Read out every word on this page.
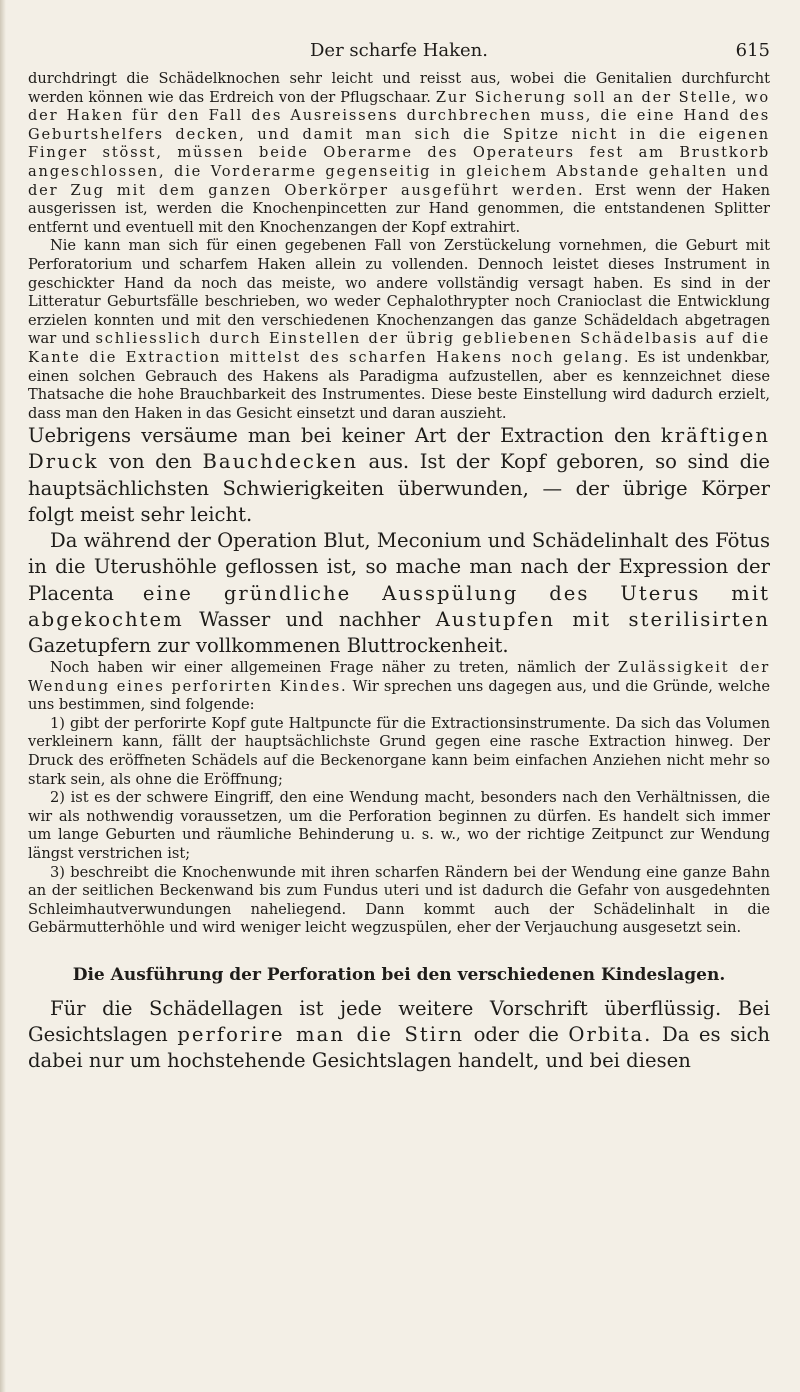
Der scharfe Haken.	615

durchdringt die Schädelknochen sehr leicht und reisst aus, wobei die Genitalien durchfurcht werden können wie das Erdreich von der Pflugschaar. Zur Sicherung soll an der Stelle, wo der Haken für den Fall des Ausreissens durchbrechen muss, die eine Hand des Geburtshelfers decken, und damit man sich die Spitze nicht in die eigenen Finger stösst, müssen beide Oberarme des Operateurs fest am Brustkorb angeschlossen, die Vorderarme gegenseitig in gleichem Abstande gehalten und der Zug mit dem ganzen Oberkörper ausgeführt werden. Erst wenn der Haken ausgerissen ist, werden die Knochenpincetten zur Hand genommen, die entstandenen Splitter entfernt und eventuell mit den Knochenzangen der Kopf extrahirt.

Nie kann man sich für einen gegebenen Fall von Zerstückelung vornehmen, die Geburt mit Perforatorium und scharfem Haken allein zu vollenden. Dennoch leistet dieses Instrument in geschickter Hand da noch das meiste, wo andere vollständig versagt haben. Es sind in der Litteratur Geburtsfälle beschrieben, wo weder Cephalothrypter noch Cranioclast die Entwicklung erzielen konnten und mit den verschiedenen Knochenzangen das ganze Schädeldach abgetragen war und schliesslich durch Einstellen der übrig gebliebenen Schädelbasis auf die Kante die Extraction mittelst des scharfen Hakens noch gelang. Es ist undenkbar, einen solchen Gebrauch des Hakens als Paradigma aufzustellen, aber es kennzeichnet diese Thatsache die hohe Brauchbarkeit des Instrumentes. Diese beste Einstellung wird dadurch erzielt, dass man den Haken in das Gesicht einsetzt und daran auszieht.

Uebrigens versäume man bei keiner Art der Extraction den kräftigen Druck von den Bauchdecken aus. Ist der Kopf geboren, so sind die hauptsächlichsten Schwierigkeiten überwunden, — der übrige Körper folgt meist sehr leicht.

Da während der Operation Blut, Meconium und Schädelinhalt des Fötus in die Uterushöhle geflossen ist, so mache man nach der Expression der Placenta eine gründliche Ausspülung des Uterus mit abgekochtem Wasser und nachher Austupfen mit sterilisirten Gazetupfern zur vollkommenen Bluttrockenheit.

Noch haben wir einer allgemeinen Frage näher zu treten, nämlich der Zulässigkeit der Wendung eines perforirten Kindes. Wir sprechen uns dagegen aus, und die Gründe, welche uns bestimmen, sind folgende:

1) gibt der perforirte Kopf gute Haltpuncte für die Extractionsinstrumente. Da sich das Volumen verkleinern kann, fällt der hauptsächlichste Grund gegen eine rasche Extraction hinweg. Der Druck des eröffneten Schädels auf die Beckenorgane kann beim einfachen Anziehen nicht mehr so stark sein, als ohne die Eröffnung;

2) ist es der schwere Eingriff, den eine Wendung macht, besonders nach den Verhältnissen, die wir als nothwendig voraussetzen, um die Perforation beginnen zu dürfen. Es handelt sich immer um lange Geburten und räumliche Behinderung u. s. w., wo der richtige Zeitpunct zur Wendung längst verstrichen ist;

3) beschreibt die Knochenwunde mit ihren scharfen Rändern bei der Wendung eine ganze Bahn an der seitlichen Beckenwand bis zum Fundus uteri und ist dadurch die Gefahr von ausgedehnten Schleimhautverwundungen naheliegend. Dann kommt auch der Schädelinhalt in die Gebärmutterhöhle und wird weniger leicht wegzuspülen, eher der Verjauchung ausgesetzt sein.

Die Ausführung der Perforation bei den verschiedenen Kindeslagen.

Für die Schädellagen ist jede weitere Vorschrift überflüssig. Bei Gesichtslagen perforire man die Stirn oder die Orbita. Da es sich dabei nur um hochstehende Gesichtslagen handelt, und bei diesen
